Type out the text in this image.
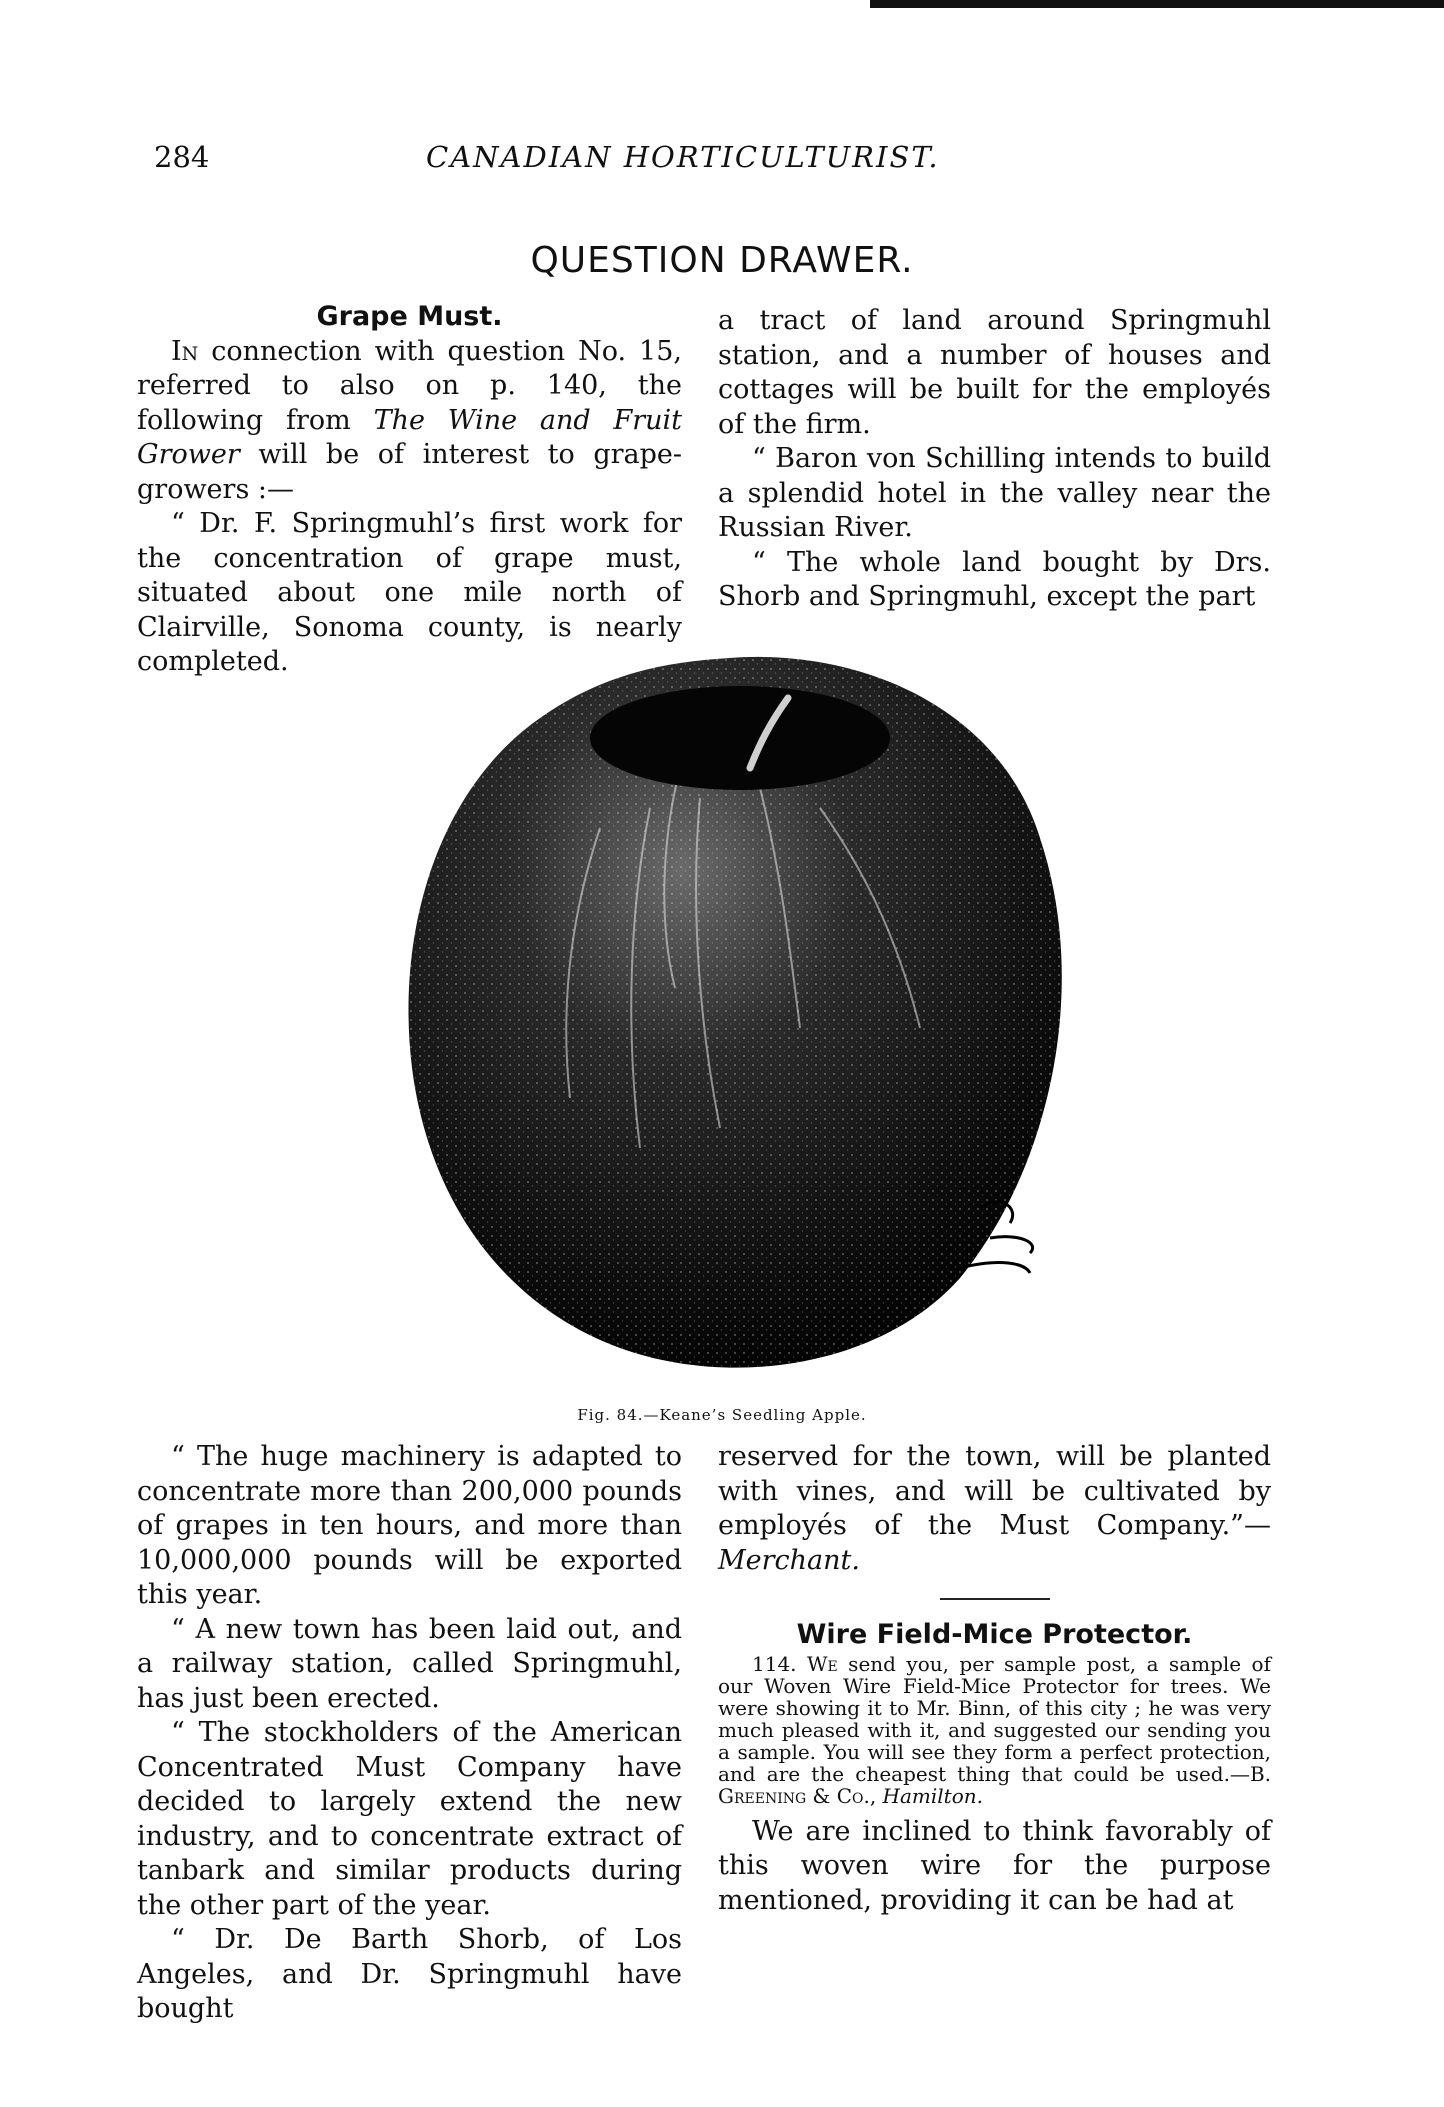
284	CANADIAN HORTICULTURIST.
QUESTION DRAWER.

Grape Must.

In connection with question No. 15, referred to also on p. 140, the following from The Wine and Fruit Grower will be of interest to grape-growers :—

“ Dr. F. Springmuhl’s first work for the concentration of grape must, situated about one mile north of Clairville, Sonoma county, is nearly completed.

a tract of land around Springmuhl station, and a number of houses and cottages will be built for the employés of the firm.

“ Baron von Schilling intends to build a splendid hotel in the valley near the Russian River.

“ The whole land bought by Drs. Shorb and Springmuhl, except the part

Fig. 84.—Keane’s Seedling Apple.

“ The huge machinery is adapted to concentrate more than 200,000 pounds of grapes in ten hours, and more than 10,000,000 pounds will be exported this year.

“ A new town has been laid out, and a railway station, called Springmuhl, has just been erected.

“ The stockholders of the American Concentrated Must Company have decided to largely extend the new industry, and to concentrate extract of tanbark and similar products during the other part of the year.

“ Dr. De Barth Shorb, of Los Angeles, and Dr. Springmuhl have bought

reserved for the town, will be planted with vines, and will be cultivated by employés of the Must Company.”—Merchant.

Wire Field-Mice Protector.

114. We send you, per sample post, a sample of our Woven Wire Field-Mice Protector for trees. We were showing it to Mr. Binn, of this city ; he was very much pleased with it, and suggested our sending you a sample. You will see they form a perfect protection, and are the cheapest thing that could be used.—B. Greening & Co., Hamilton.

We are inclined to think favorably of this woven wire for the purpose mentioned, providing it can be had at
